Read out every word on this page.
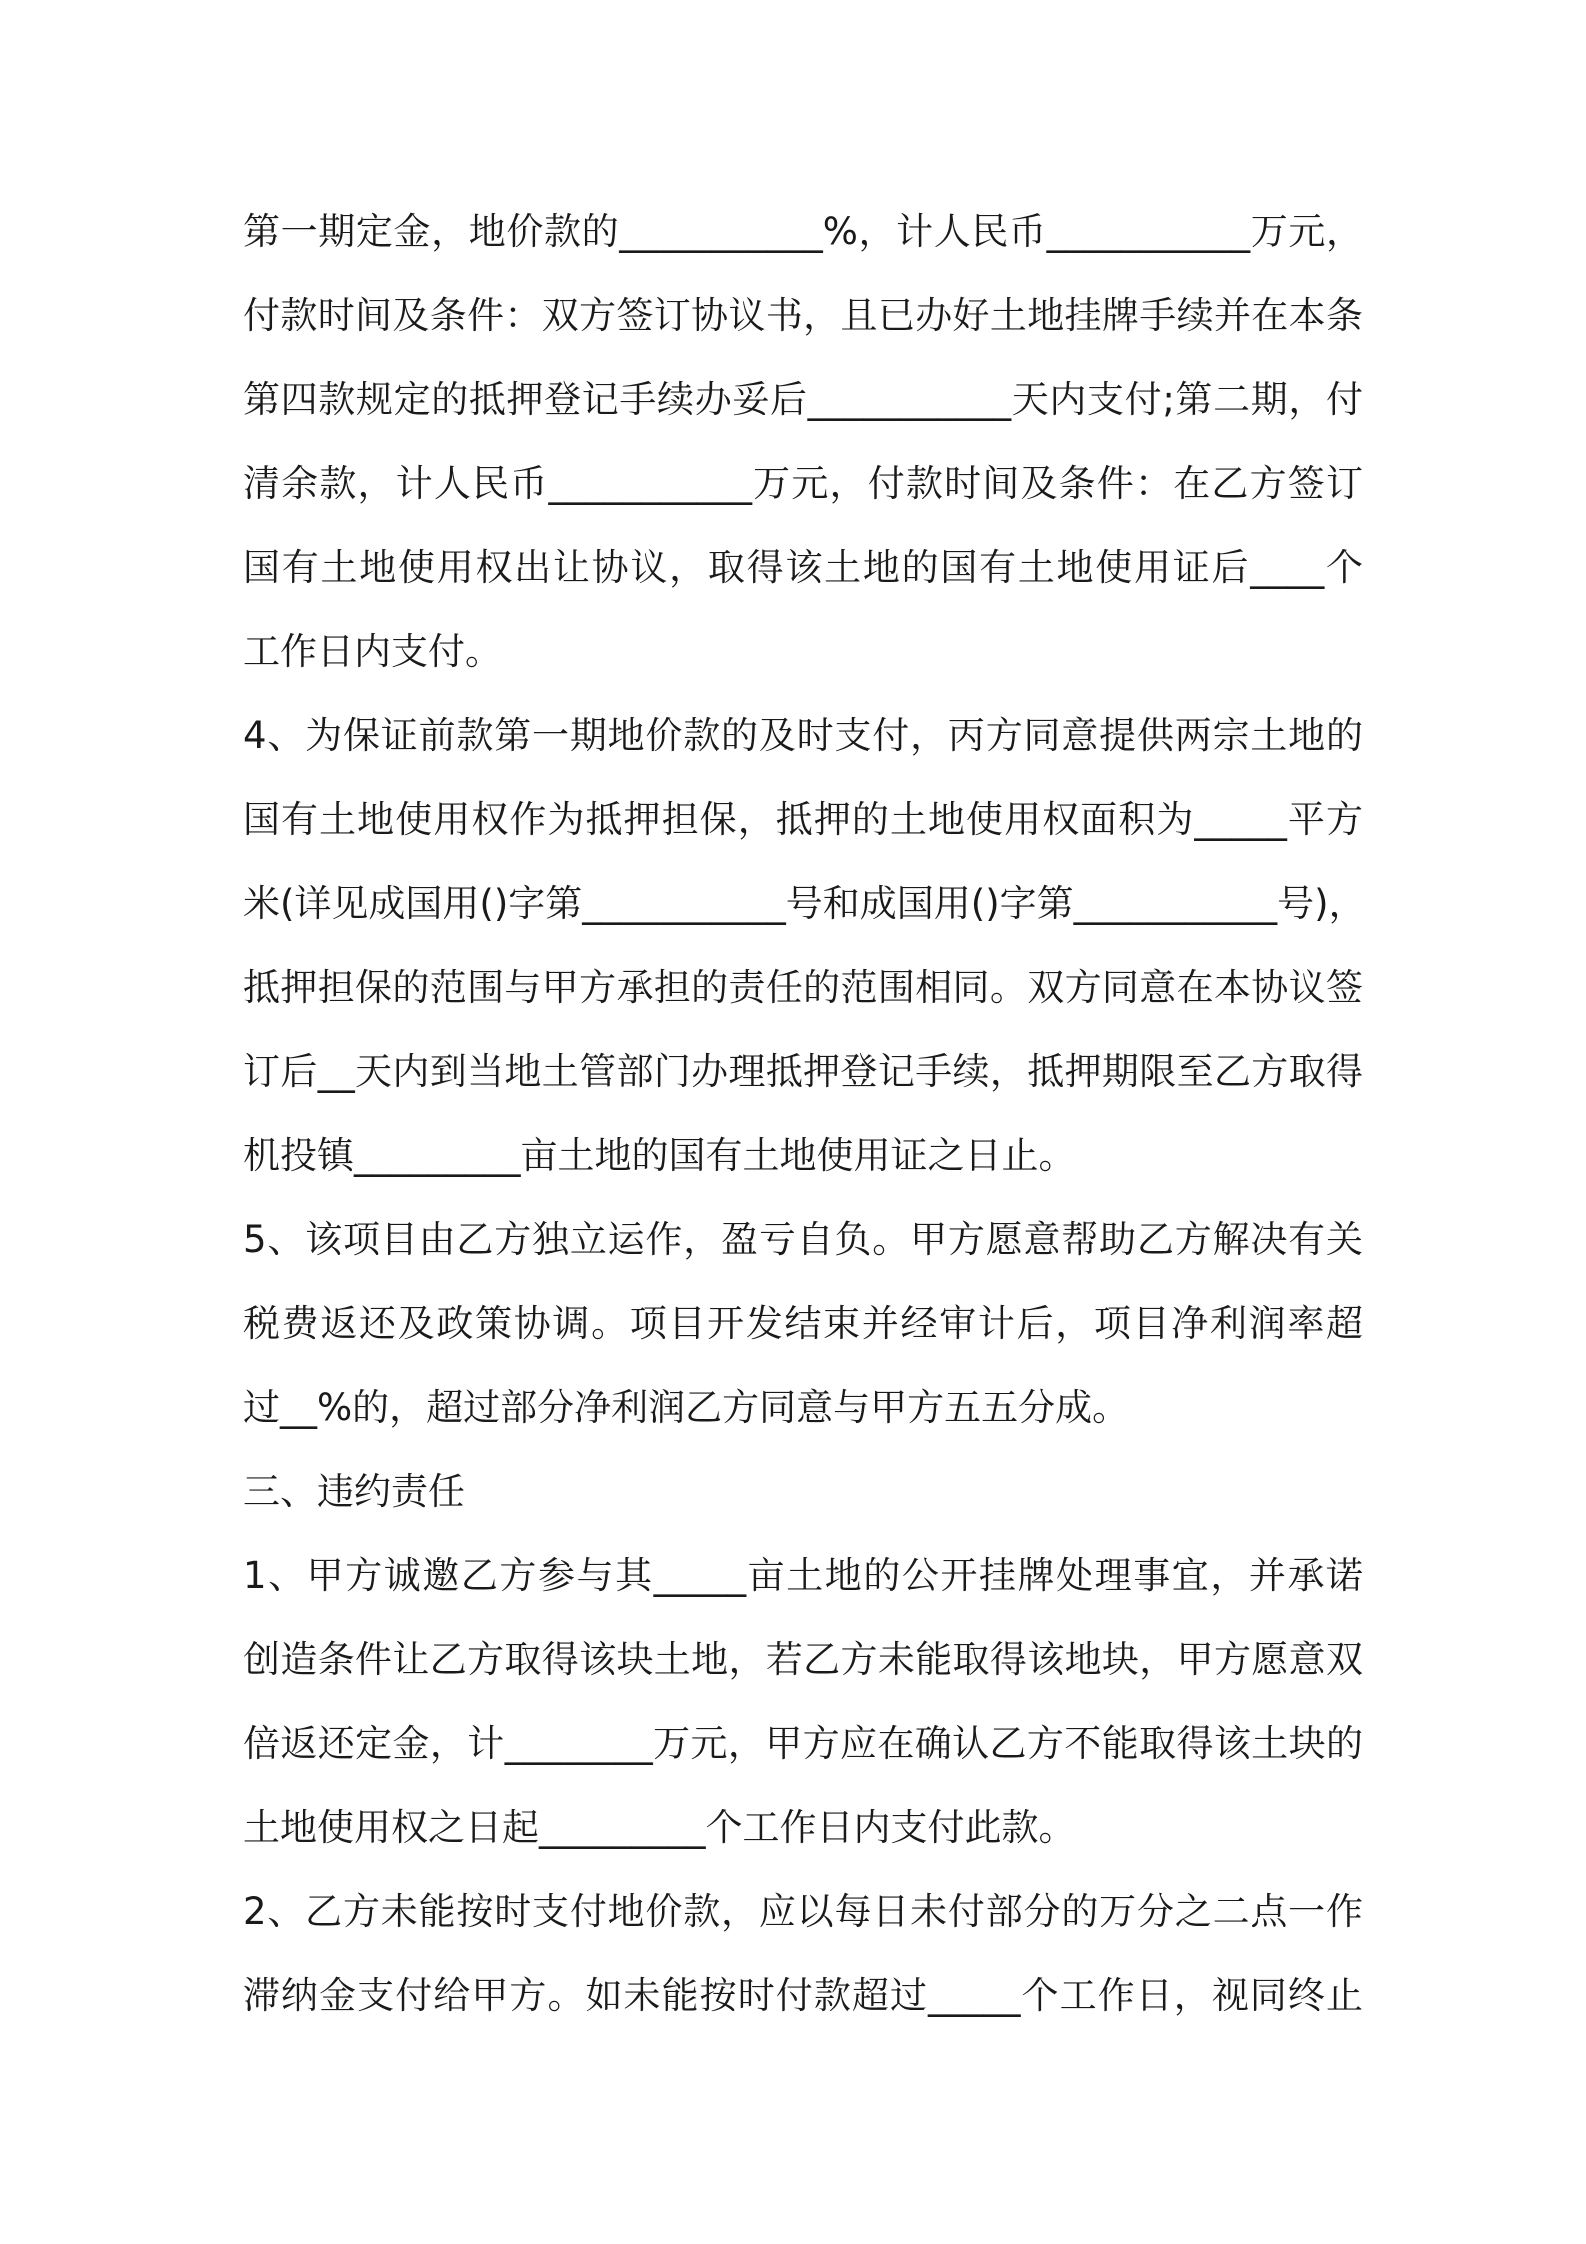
第一期定金，地价款的___________%，计人民币___________万元，
付款时间及条件：双方签订协议书，且已办好土地挂牌手续并在本条
第四款规定的抵押登记手续办妥后___________天内支付;第二期，付
清余款，计人民币___________万元，付款时间及条件：在乙方签订
国有土地使用权出让协议，取得该土地的国有土地使用证后____个
工作日内支付。
4、为保证前款第一期地价款的及时支付，丙方同意提供两宗土地的
国有土地使用权作为抵押担保，抵押的土地使用权面积为_____平方
米(详见成国用()字第___________号和成国用()字第___________号)，
抵押担保的范围与甲方承担的责任的范围相同。双方同意在本协议签
订后__天内到当地土管部门办理抵押登记手续，抵押期限至乙方取得
机投镇_________亩土地的国有土地使用证之日止。
5、该项目由乙方独立运作，盈亏自负。甲方愿意帮助乙方解决有关
税费返还及政策协调。项目开发结束并经审计后，项目净利润率超
过__%的，超过部分净利润乙方同意与甲方五五分成。
三、违约责任
1、甲方诚邀乙方参与其_____亩土地的公开挂牌处理事宜，并承诺
创造条件让乙方取得该块土地，若乙方未能取得该地块，甲方愿意双
倍返还定金，计________万元，甲方应在确认乙方不能取得该土块的
土地使用权之日起_________个工作日内支付此款。
2、乙方未能按时支付地价款，应以每日未付部分的万分之二点一作
滞纳金支付给甲方。如未能按时付款超过_____个工作日，视同终止
